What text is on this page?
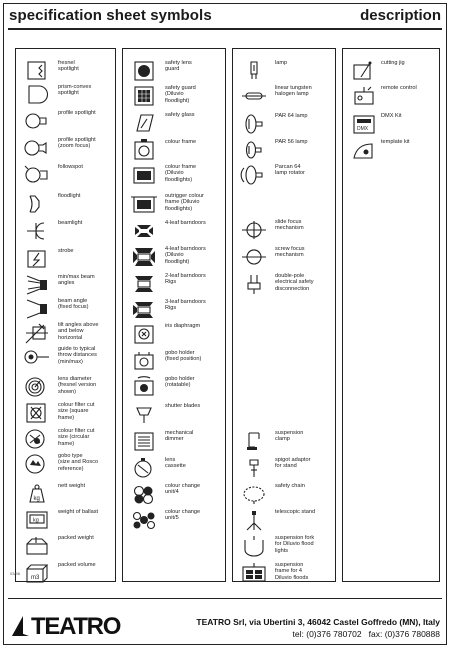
specification sheet symbols	description
fresnel
spotlight
prism-convex
spotlight
profile spotlight
profile spotlight
(zoom focus)
followspot
floodlight
beamlight
strobe
min/max beam
angles
beam angle
(fixed focus)
tilt angles above
and below
horizontal
guide to typical
throw distances
(min/max)
lens diameter
(fresnel version
shown)
colour filter cut
size (square
frame)
colour filter cut
size (circular
frame)
gobo type
(size and Rosco
reference)
kg
nett weight
kg
weight of ballast
packed weight
m3
packed volume
safety lens
guard
safety guard
(Diluvio
floodlight)
safety glass
colour frame
colour frame
(Diluvio
floodlights)
outrigger colour
frame (Diluvio
floodlights)
4-leaf barndoors
4-leaf barndoors
(Diluvio
floodlight)
2-leaf barndoors
Rigs
3-leaf barndoors
Rigs
iris diaphragm
gobo holder
(fixed position)
gobo holder
(rotatable)
shutter blades
mechanical
dimmer
lens
cassette
colour change
unit/4
colour change
unit/5
lamp
linear tungsten
halogen lamp
PAR 64 lamp
PAR 56 lamp
Parcan 64
lamp rotator
slide focus
mechanism
screw focus
mechanism
double-pole
electrical safety
disconnection
suspension
clamp
spigot adaptor
for stand
safety chain
telescopic stand
suspension fork
for Diluvio flood
lights
suspension
frame for 4
Diluvio floods
cutting jig
remote control
DMX
DMX Kit
template kit
03/96
TEATRO	TEATRO Srl, via Ubertini 3, 46042 Castel Goffredo (MN), Italy
tel: (0)376 780702   fax: (0)376 780888
